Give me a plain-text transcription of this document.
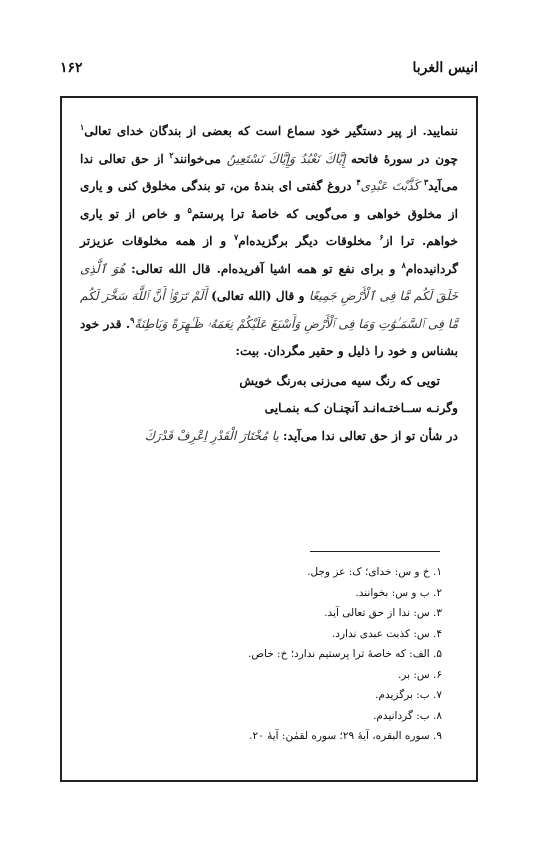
انیس الغربا
۱۶۲

ننمایید. از پیر دستگیر خود سماع است که بعضی از بندگان خدای تعالی$^۱$ چون در سورهٔ فاتحه إِيَّاكَ نَعْبُدُ وَإِيَّاكَ نَسْتَعِينُ می‌خوانند$^۲$ از حق تعالی ندا می‌آید$^۳$ كَذَّبْتَ عَبْدِى$^۴$ دروغ گفتی ای بندهٔ من، تو بندگی مخلوق کنی و یاری از مخلوق خواهی و می‌گویی که خاصهٔ ترا پرستم$^۵$ و خاص از تو یاری خواهم. ترا از$^۶$ مخلوقات دیگر برگزیده‌ام$^۷$ و از همه مخلوقات عزیزتر گردانیده‌ام$^۸$ و برای نفع تو همه اشیا آفریده‌ام. قال الله تعالی: هُوَ ٱلَّذِى خَلَقَ لَكُم مَّا فِى ٱلْأَرْضِ جَمِيعًا و قال (الله تعالی) أَلَمْ تَرَوْا۟ أَنَّ ٱللَّهَ سَخَّرَ لَكُم مَّا فِى ٱلسَّمَـٰوَٰتِ وَمَا فِى ٱلْأَرْضِ وَأَسْبَغَ عَلَيْكُمْ نِعَمَهُۥ ظَـٰهِرَةً وَبَاطِنَةً$^۹$. قدر خود بشناس و خود را ذلیل و حقیر مگردان. بیت:

تویی که رنگ سیه می‌زنی به‌رنگ خویش
وگرنـه ســاختـه‌انـد آنچنـان کـه بنمـایی

در شأن تو از حق تعالی ندا می‌آید: یا مُخْتَارَ الْقَدْرِ اِعْرِفْ قَدْرَكَ

۱. خ و س: خدای؛ ک: عز وجل.
۲. ب و س: بخوانند.
۳. س: ندا از حق تعالی آید.
۴. س: کذبت عبدی ندارد.
۵. الف: که خاصهٔ ترا پرستیم ندارد؛ خ: خاص.
۶. س: بر.
۷. ب: برگزیدم.
۸. ب: گردانیدم.
۹. سوره البقره، آیهٔ ۲۹؛ سوره لقمٰن: آیهٔ ۲۰.
